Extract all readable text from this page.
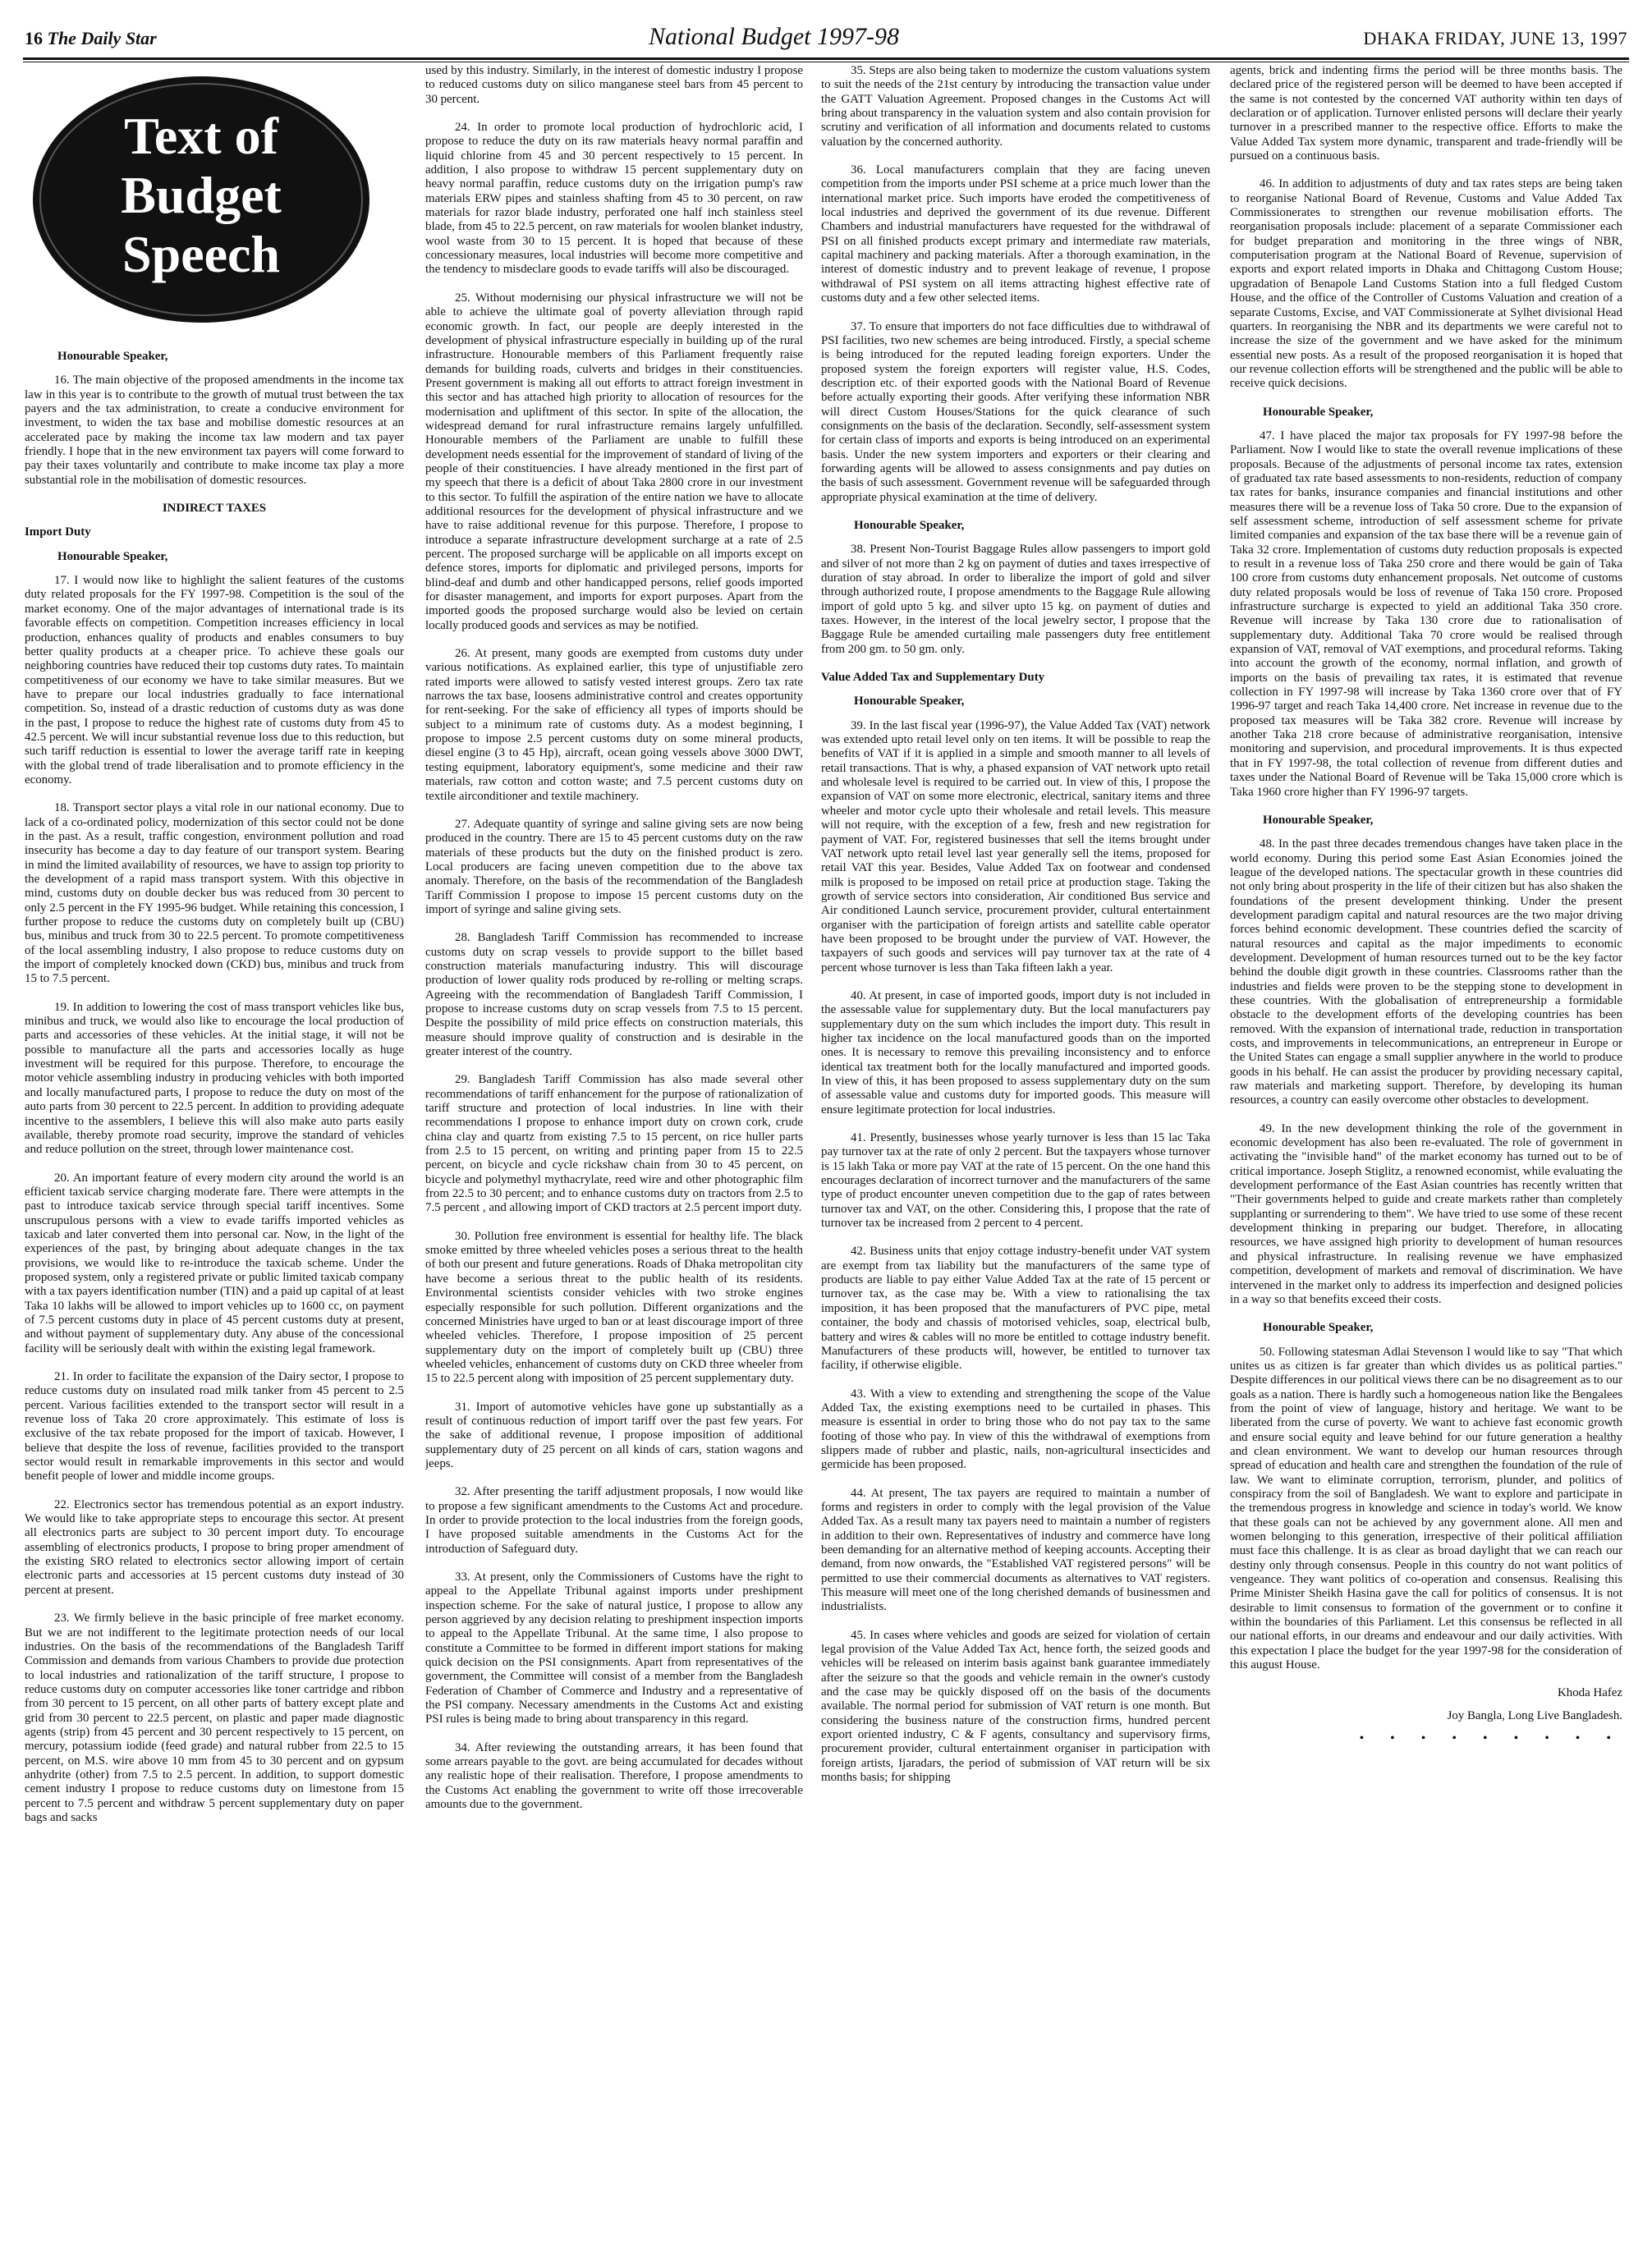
16 The Daily Star	National Budget 1997-98	DHAKA FRIDAY, JUNE 13, 1997
Text of
Budget
Speech

Honourable Speaker,

16. The main objective of the proposed amendments in the income tax law in this year is to contribute to the growth of mutual trust between the tax payers and the tax administration, to create a conducive environment for investment, to widen the tax base and mobilise domestic resources at an accelerated pace by making the income tax law modern and tax payer friendly. I hope that in the new environment tax payers will come forward to pay their taxes voluntarily and contribute to make income tax play a more substantial role in the mobilisation of domestic resources.

INDIRECT TAXES

Import Duty

Honourable Speaker,

17. I would now like to highlight the salient features of the customs duty related proposals for the FY 1997-98. Competition is the soul of the market economy. One of the major advantages of international trade is its favorable effects on competition. Competition increases efficiency in local production, enhances quality of products and enables consumers to buy better quality products at a cheaper price. To achieve these goals our neighboring countries have reduced their top customs duty rates. To maintain competitiveness of our economy we have to take similar measures. But we have to prepare our local industries gradually to face international competition. So, instead of a drastic reduction of customs duty as was done in the past, I propose to reduce the highest rate of customs duty from 45 to 42.5 percent. We will incur substantial revenue loss due to this reduction, but such tariff reduction is essential to lower the average tariff rate in keeping with the global trend of trade liberalisation and to promote efficiency in the economy.

18. Transport sector plays a vital role in our national economy. Due to lack of a co-ordinated policy, modernization of this sector could not be done in the past. As a result, traffic congestion, environment pollution and road insecurity has become a day to day feature of our transport system. Bearing in mind the limited availability of resources, we have to assign top priority to the development of a rapid mass transport system. With this objective in mind, customs duty on double decker bus was reduced from 30 percent to only 2.5 percent in the FY 1995-96 budget. While retaining this concession, I further propose to reduce the customs duty on completely built up (CBU) bus, minibus and truck from 30 to 22.5 percent. To promote competitiveness of the local assembling industry, I also propose to reduce customs duty on the import of completely knocked down (CKD) bus, minibus and truck from 15 to 7.5 percent.

19. In addition to lowering the cost of mass transport vehicles like bus, minibus and truck, we would also like to encourage the local production of parts and accessories of these vehicles. At the initial stage, it will not be possible to manufacture all the parts and accessories locally as huge investment will be required for this purpose. Therefore, to encourage the motor vehicle assembling industry in producing vehicles with both imported and locally manufactured parts, I propose to reduce the duty on most of the auto parts from 30 percent to 22.5 percent. In addition to providing adequate incentive to the assemblers, I believe this will also make auto parts easily available, thereby promote road security, improve the standard of vehicles and reduce pollution on the street, through lower maintenance cost.

20. An important feature of every modern city around the world is an efficient taxicab service charging moderate fare. There were attempts in the past to introduce taxicab service through special tariff incentives. Some unscrupulous persons with a view to evade tariffs imported vehicles as taxicab and later converted them into personal car. Now, in the light of the experiences of the past, by bringing about adequate changes in the tax provisions, we would like to re-introduce the taxicab scheme. Under the proposed system, only a registered private or public limited taxicab company with a tax payers identification number (TIN) and a paid up capital of at least Taka 10 lakhs will be allowed to import vehicles up to 1600 cc, on payment of 7.5 percent customs duty in place of 45 percent customs duty at present, and without payment of supplementary duty. Any abuse of the concessional facility will be seriously dealt with within the existing legal framework.

21. In order to facilitate the expansion of the Dairy sector, I propose to reduce customs duty on insulated road milk tanker from 45 percent to 2.5 percent. Various facilities extended to the transport sector will result in a revenue loss of Taka 20 crore approximately. This estimate of loss is exclusive of the tax rebate proposed for the import of taxicab. However, I believe that despite the loss of revenue, facilities provided to the transport sector would result in remarkable improvements in this sector and would benefit people of lower and middle income groups.

22. Electronics sector has tremendous potential as an export industry. We would like to take appropriate steps to encourage this sector. At present all electronics parts are subject to 30 percent import duty. To encourage assembling of electronics products, I propose to bring proper amendment of the existing SRO related to electronics sector allowing import of certain electronic parts and accessories at 15 percent customs duty instead of 30 percent at present.

23. We firmly believe in the basic principle of free market economy. But we are not indifferent to the legitimate protection needs of our local industries. On the basis of the recommendations of the Bangladesh Tariff Commission and demands from various Chambers to provide due protection to local industries and rationalization of the tariff structure, I propose to reduce customs duty on computer accessories like toner cartridge and ribbon from 30 percent to 15 percent, on all other parts of battery except plate and grid from 30 percent to 22.5 percent, on plastic and paper made diagnostic agents (strip) from 45 percent and 30 percent respectively to 15 percent, on mercury, potassium iodide (feed grade) and natural rubber from 22.5 to 15 percent, on M.S. wire above 10 mm from 45 to 30 percent and on gypsum anhydrite (other) from 7.5 to 2.5 percent. In addition, to support domestic cement industry I propose to reduce customs duty on limestone from 15 percent to 7.5 percent and withdraw 5 percent supplementary duty on paper bags and sacks

used by this industry. Similarly, in the interest of domestic industry I propose to reduced customs duty on silico manganese steel bars from 45 percent to 30 percent.

24. In order to promote local production of hydrochloric acid, I propose to reduce the duty on its raw materials heavy normal paraffin and liquid chlorine from 45 and 30 percent respectively to 15 percent. In addition, I also propose to withdraw 15 percent supplementary duty on heavy normal paraffin, reduce customs duty on the irrigation pump's raw materials ERW pipes and stainless shafting from 45 to 30 percent, on raw materials for razor blade industry, perforated one half inch stainless steel blade, from 45 to 22.5 percent, on raw materials for woolen blanket industry, wool waste from 30 to 15 percent. It is hoped that because of these concessionary measures, local industries will become more competitive and the tendency to misdeclare goods to evade tariffs will also be discouraged.

25. Without modernising our physical infrastructure we will not be able to achieve the ultimate goal of poverty alleviation through rapid economic growth. In fact, our people are deeply interested in the development of physical infrastructure especially in building up of the rural infrastructure. Honourable members of this Parliament frequently raise demands for building roads, culverts and bridges in their constituencies. Present government is making all out efforts to attract foreign investment in this sector and has attached high priority to allocation of resources for the modernisation and upliftment of this sector. In spite of the allocation, the widespread demand for rural infrastructure remains largely unfulfilled. Honourable members of the Parliament are unable to fulfill these development needs essential for the improvement of standard of living of the people of their constituencies. I have already mentioned in the first part of my speech that there is a deficit of about Taka 2800 crore in our investment to this sector. To fulfill the aspiration of the entire nation we have to allocate additional resources for the development of physical infrastructure and we have to raise additional revenue for this purpose. Therefore, I propose to introduce a separate infrastructure development surcharge at a rate of 2.5 percent. The proposed surcharge will be applicable on all imports except on defence stores, imports for diplomatic and privileged persons, imports for blind-deaf and dumb and other handicapped persons, relief goods imported for disaster management, and imports for export purposes. Apart from the imported goods the proposed surcharge would also be levied on certain locally produced goods and services as may be notified.

26. At present, many goods are exempted from customs duty under various notifications. As explained earlier, this type of unjustifiable zero rated imports were allowed to satisfy vested interest groups. Zero tax rate narrows the tax base, loosens administrative control and creates opportunity for rent-seeking. For the sake of efficiency all types of imports should be subject to a minimum rate of customs duty. As a modest beginning, I propose to impose 2.5 percent customs duty on some mineral products, diesel engine (3 to 45 Hp), aircraft, ocean going vessels above 3000 DWT, testing equipment, laboratory equipment's, some medicine and their raw materials, raw cotton and cotton waste; and 7.5 percent customs duty on textile airconditioner and textile machinery.

27. Adequate quantity of syringe and saline giving sets are now being produced in the country. There are 15 to 45 percent customs duty on the raw materials of these products but the duty on the finished product is zero. Local producers are facing uneven competition due to the above tax anomaly. Therefore, on the basis of the recommendation of the Bangladesh Tariff Commission I propose to impose 15 percent customs duty on the import of syringe and saline giving sets.

28. Bangladesh Tariff Commission has recommended to increase customs duty on scrap vessels to provide support to the billet based construction materials manufacturing industry. This will discourage production of lower quality rods produced by re-rolling or melting scraps. Agreeing with the recommendation of Bangladesh Tariff Commission, I propose to increase customs duty on scrap vessels from 7.5 to 15 percent. Despite the possibility of mild price effects on construction materials, this measure should improve quality of construction and is desirable in the greater interest of the country.

29. Bangladesh Tariff Commission has also made several other recommendations of tariff enhancement for the purpose of rationalization of tariff structure and protection of local industries. In line with their recommendations I propose to enhance import duty on crown cork, crude china clay and quartz from existing 7.5 to 15 percent, on rice huller parts from 2.5 to 15 percent, on writing and printing paper from 15 to 22.5 percent, on bicycle and cycle rickshaw chain from 30 to 45 percent, on bicycle and polymethyl mythacrylate, reed wire and other photographic film from 22.5 to 30 percent; and to enhance customs duty on tractors from 2.5 to 7.5 percent , and allowing import of CKD tractors at 2.5 percent import duty.

30. Pollution free environment is essential for healthy life. The black smoke emitted by three wheeled vehicles poses a serious threat to the health of both our present and future generations. Roads of Dhaka metropolitan city have become a serious threat to the public health of its residents. Environmental scientists consider vehicles with two stroke engines especially responsible for such pollution. Different organizations and the concerned Ministries have urged to ban or at least discourage import of three wheeled vehicles. Therefore, I propose imposition of 25 percent supplementary duty on the import of completely built up (CBU) three wheeled vehicles, enhancement of customs duty on CKD three wheeler from 15 to 22.5 percent along with imposition of 25 percent supplementary duty.

31. Import of automotive vehicles have gone up substantially as a result of continuous reduction of import tariff over the past few years. For the sake of additional revenue, I propose imposition of additional supplementary duty of 25 percent on all kinds of cars, station wagons and jeeps.

32. After presenting the tariff adjustment proposals, I now would like to propose a few significant amendments to the Customs Act and procedure. In order to provide protection to the local industries from the foreign goods, I have proposed suitable amendments in the Customs Act for the introduction of Safeguard duty.

33. At present, only the Commissioners of Customs have the right to appeal to the Appellate Tribunal against imports under preshipment inspection scheme. For the sake of natural justice, I propose to allow any person aggrieved by any decision relating to preshipment inspection imports to appeal to the Appellate Tribunal. At the same time, I also propose to constitute a Committee to be formed in different import stations for making quick decision on the PSI consignments. Apart from representatives of the government, the Committee will consist of a member from the Bangladesh Federation of Chamber of Commerce and Industry and a representative of the PSI company. Necessary amendments in the Customs Act and existing PSI rules is being made to bring about transparency in this regard.

34. After reviewing the outstanding arrears, it has been found that some arrears payable to the govt. are being accumulated for decades without any realistic hope of their realisation. Therefore, I propose amendments to the Customs Act enabling the government to write off those irrecoverable amounts due to the government.

35. Steps are also being taken to modernize the custom valuations system to suit the needs of the 21st century by introducing the transaction value under the GATT Valuation Agreement. Proposed changes in the Customs Act will bring about transparency in the valuation system and also contain provision for scrutiny and verification of all information and documents related to customs valuation by the concerned authority.

36. Local manufacturers complain that they are facing uneven competition from the imports under PSI scheme at a price much lower than the international market price. Such imports have eroded the competitiveness of local industries and deprived the government of its due revenue. Different Chambers and industrial manufacturers have requested for the withdrawal of PSI on all finished products except primary and intermediate raw materials, capital machinery and packing materials. After a thorough examination, in the interest of domestic industry and to prevent leakage of revenue, I propose withdrawal of PSI system on all items attracting highest effective rate of customs duty and a few other selected items.

37. To ensure that importers do not face difficulties due to withdrawal of PSI facilities, two new schemes are being introduced. Firstly, a special scheme is being introduced for the reputed leading foreign exporters. Under the proposed system the foreign exporters will register value, H.S. Codes, description etc. of their exported goods with the National Board of Revenue before actually exporting their goods. After verifying these information NBR will direct Custom Houses/Stations for the quick clearance of such consignments on the basis of the declaration. Secondly, self-assessment system for certain class of imports and exports is being introduced on an experimental basis. Under the new system importers and exporters or their clearing and forwarding agents will be allowed to assess consignments and pay duties on the basis of such assessment. Government revenue will be safeguarded through appropriate physical examination at the time of delivery.

Honourable Speaker,

38. Present Non-Tourist Baggage Rules allow passengers to import gold and silver of not more than 2 kg on payment of duties and taxes irrespective of duration of stay abroad. In order to liberalize the import of gold and silver through authorized route, I propose amendments to the Baggage Rule allowing import of gold upto 5 kg. and silver upto 15 kg. on payment of duties and taxes. However, in the interest of the local jewelry sector, I propose that the Baggage Rule be amended curtailing male passengers duty free entitlement from 200 gm. to 50 gm. only.

Value Added Tax and Supplementary Duty

Honourable Speaker,

39. In the last fiscal year (1996-97), the Value Added Tax (VAT) network was extended upto retail level only on ten items. It will be possible to reap the benefits of VAT if it is applied in a simple and smooth manner to all levels of retail transactions. That is why, a phased expansion of VAT network upto retail and wholesale level is required to be carried out. In view of this, I propose the expansion of VAT on some more electronic, electrical, sanitary items and three wheeler and motor cycle upto their wholesale and retail levels. This measure will not require, with the exception of a few, fresh and new registration for payment of VAT. For, registered businesses that sell the items brought under VAT network upto retail level last year generally sell the items, proposed for retail VAT this year. Besides, Value Added Tax on footwear and condensed milk is proposed to be imposed on retail price at production stage. Taking the growth of service sectors into consideration, Air conditioned Bus service and Air conditioned Launch service, procurement provider, cultural entertainment organiser with the participation of foreign artists and satellite cable operator have been proposed to be brought under the purview of VAT. However, the taxpayers of such goods and services will pay turnover tax at the rate of 4 percent whose turnover is less than Taka fifteen lakh a year.

40. At present, in case of imported goods, import duty is not included in the assessable value for supplementary duty. But the local manufacturers pay supplementary duty on the sum which includes the import duty. This result in higher tax incidence on the local manufactured goods than on the imported ones. It is necessary to remove this prevailing inconsistency and to enforce identical tax treatment both for the locally manufactured and imported goods. In view of this, it has been proposed to assess supplementary duty on the sum of assessable value and customs duty for imported goods. This measure will ensure legitimate protection for local industries.

41. Presently, businesses whose yearly turnover is less than 15 lac Taka pay turnover tax at the rate of only 2 percent. But the taxpayers whose turnover is 15 lakh Taka or more pay VAT at the rate of 15 percent. On the one hand this encourages declaration of incorrect turnover and the manufacturers of the same type of product encounter uneven competition due to the gap of rates between turnover tax and VAT, on the other. Considering this, I propose that the rate of turnover tax be increased from 2 percent to 4 percent.

42. Business units that enjoy cottage industry-benefit under VAT system are exempt from tax liability but the manufacturers of the same type of products are liable to pay either Value Added Tax at the rate of 15 percent or turnover tax, as the case may be. With a view to rationalising the tax imposition, it has been proposed that the manufacturers of PVC pipe, metal container, the body and chassis of motorised vehicles, soap, electrical bulb, battery and wires & cables will no more be entitled to cottage industry benefit. Manufacturers of these products will, however, be entitled to turnover tax facility, if otherwise eligible.

43. With a view to extending and strengthening the scope of the Value Added Tax, the existing exemptions need to be curtailed in phases. This measure is essential in order to bring those who do not pay tax to the same footing of those who pay. In view of this the withdrawal of exemptions from slippers made of rubber and plastic, nails, non-agricultural insecticides and germicide has been proposed.

44. At present, The tax payers are required to maintain a number of forms and registers in order to comply with the legal provision of the Value Added Tax. As a result many tax payers need to maintain a number of registers in addition to their own. Representatives of industry and commerce have long been demanding for an alternative method of keeping accounts. Accepting their demand, from now onwards, the "Established VAT registered persons" will be permitted to use their commercial documents as alternatives to VAT registers. This measure will meet one of the long cherished demands of businessmen and industrialists.

45. In cases where vehicles and goods are seized for violation of certain legal provision of the Value Added Tax Act, hence forth, the seized goods and vehicles will be released on interim basis against bank guarantee immediately after the seizure so that the goods and vehicle remain in the owner's custody and the case may be quickly disposed off on the basis of the documents available. The normal period for submission of VAT return is one month. But considering the business nature of the construction firms, hundred percent export oriented industry, C & F agents, consultancy and supervisory firms, procurement provider, cultural entertainment organiser in participation with foreign artists, Ijaradars, the period of submission of VAT return will be six months basis; for shipping

agents, brick and indenting firms the period will be three months basis. The declared price of the registered person will be deemed to have been accepted if the same is not contested by the concerned VAT authority within ten days of declaration or of application. Turnover enlisted persons will declare their yearly turnover in a prescribed manner to the respective office. Efforts to make the Value Added Tax system more dynamic, transparent and trade-friendly will be pursued on a continuous basis.

46. In addition to adjustments of duty and tax rates steps are being taken to reorganise National Board of Revenue, Customs and Value Added Tax Commissionerates to strengthen our revenue mobilisation efforts. The reorganisation proposals include: placement of a separate Commissioner each for budget preparation and monitoring in the three wings of NBR, computerisation program at the National Board of Revenue, supervision of exports and export related imports in Dhaka and Chittagong Custom House; upgradation of Benapole Land Customs Station into a full fledged Custom House, and the office of the Controller of Customs Valuation and creation of a separate Customs, Excise, and VAT Commissionerate at Sylhet divisional Head quarters. In reorganising the NBR and its departments we were careful not to increase the size of the government and we have asked for the minimum essential new posts. As a result of the proposed reorganisation it is hoped that our revenue collection efforts will be strengthened and the public will be able to receive quick decisions.

Honourable Speaker,

47. I have placed the major tax proposals for FY 1997-98 before the Parliament. Now I would like to state the overall revenue implications of these proposals. Because of the adjustments of personal income tax rates, extension of graduated tax rate based assessments to non-residents, reduction of company tax rates for banks, insurance companies and financial institutions and other measures there will be a revenue loss of Taka 50 crore. Due to the expansion of self assessment scheme, introduction of self assessment scheme for private limited companies and expansion of the tax base there will be a revenue gain of Taka 32 crore. Implementation of customs duty reduction proposals is expected to result in a revenue loss of Taka 250 crore and there would be gain of Taka 100 crore from customs duty enhancement proposals. Net outcome of customs duty related proposals would be loss of revenue of Taka 150 crore. Proposed infrastructure surcharge is expected to yield an additional Taka 350 crore. Revenue will increase by Taka 130 crore due to rationalisation of supplementary duty. Additional Taka 70 crore would be realised through expansion of VAT, removal of VAT exemptions, and procedural reforms. Taking into account the growth of the economy, normal inflation, and growth of imports on the basis of prevailing tax rates, it is estimated that revenue collection in FY 1997-98 will increase by Taka 1360 crore over that of FY 1996-97 target and reach Taka 14,400 crore. Net increase in revenue due to the proposed tax measures will be Taka 382 crore. Revenue will increase by another Taka 218 crore because of administrative reorganisation, intensive monitoring and supervision, and procedural improvements. It is thus expected that in FY 1997-98, the total collection of revenue from different duties and taxes under the National Board of Revenue will be Taka 15,000 crore which is Taka 1960 crore higher than FY 1996-97 targets.

Honourable Speaker,

48. In the past three decades tremendous changes have taken place in the world economy. During this period some East Asian Economies joined the league of the developed nations. The spectacular growth in these countries did not only bring about prosperity in the life of their citizen but has also shaken the foundations of the present development thinking. Under the present development paradigm capital and natural resources are the two major driving forces behind economic development. These countries defied the scarcity of natural resources and capital as the major impediments to economic development. Development of human resources turned out to be the key factor behind the double digit growth in these countries. Classrooms rather than the industries and fields were proven to be the stepping stone to development in these countries. With the globalisation of entrepreneurship a formidable obstacle to the development efforts of the developing countries has been removed. With the expansion of international trade, reduction in transportation costs, and improvements in telecommunications, an entrepreneur in Europe or the United States can engage a small supplier anywhere in the world to produce goods in his behalf. He can assist the producer by providing necessary capital, raw materials and marketing support. Therefore, by developing its human resources, a country can easily overcome other obstacles to development.

49. In the new development thinking the role of the government in economic development has also been re-evaluated. The role of government in activating the "invisible hand" of the market economy has turned out to be of critical importance. Joseph Stiglitz, a renowned economist, while evaluating the development performance of the East Asian countries has recently written that "Their governments helped to guide and create markets rather than completely supplanting or surrendering to them". We have tried to use some of these recent development thinking in preparing our budget. Therefore, in allocating resources, we have assigned high priority to development of human resources and physical infrastructure. In realising revenue we have emphasized competition, development of markets and removal of discrimination. We have intervened in the market only to address its imperfection and designed policies in a way so that benefits exceed their costs.

Honourable Speaker,

50. Following statesman Adlai Stevenson I would like to say "That which unites us as citizen is far greater than which divides us as political parties." Despite differences in our political views there can be no disagreement as to our goals as a nation. There is hardly such a homogeneous nation like the Bengalees from the point of view of language, history and heritage. We want to be liberated from the curse of poverty. We want to achieve fast economic growth and ensure social equity and leave behind for our future generation a healthy and clean environment. We want to develop our human resources through spread of education and health care and strengthen the foundation of the rule of law. We want to eliminate corruption, terrorism, plunder, and politics of conspiracy from the soil of Bangladesh. We want to explore and participate in the tremendous progress in knowledge and science in today's world. We know that these goals can not be achieved by any government alone. All men and women belonging to this generation, irrespective of their political affiliation must face this challenge. It is as clear as broad daylight that we can reach our destiny only through consensus. People in this country do not want politics of vengeance. They want politics of co-operation and consensus. Realising this Prime Minister Sheikh Hasina gave the call for politics of consensus. It is not desirable to limit consensus to formation of the government or to confine it within the boundaries of this Parliament. Let this consensus be reflected in all our national efforts, in our dreams and endeavour and our daily activities. With this expectation I place the budget for the year 1997-98 for the consideration of this august House.

Khoda Hafez

Joy Bangla, Long Live Bangladesh.

• • • • • • • • •
